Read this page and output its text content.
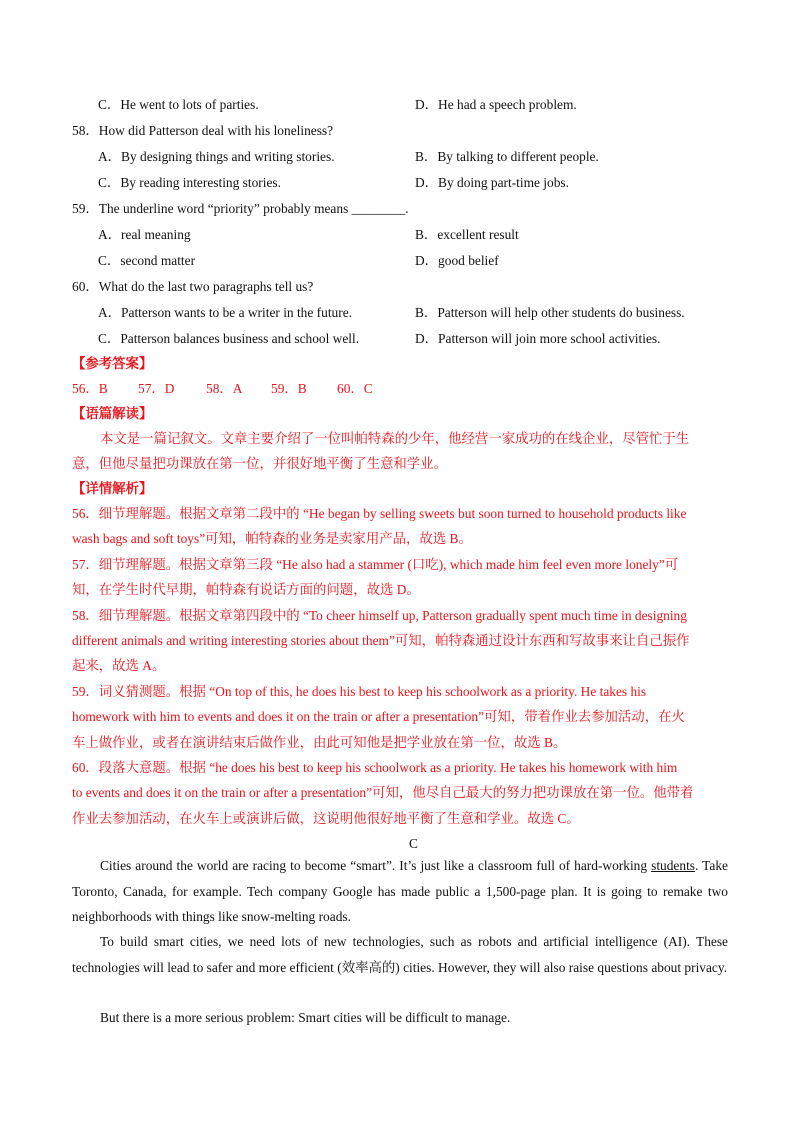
C．He went to lots of parties.	D．He had a speech problem.
58．How did Patterson deal with his loneliness?
A．By designing things and writing stories.	B．By talking to different people.
C．By reading interesting stories.	D．By doing part-time jobs.
59．The underline word “priority” probably means ________.
A．real meaning	B．excellent result
C．second matter	D．good belief
60．What do the last two paragraphs tell us?
A．Patterson wants to be a writer in the future.	B．Patterson will help other students do business.
C．Patterson balances business and school well.	D．Patterson will join more school activities.
【参考答案】
56．B 57．D 58．A 59．B 60．C
【语篇解读】
本文是一篇记叙文。文章主要介绍了一位叫帕特森的少年，他经营一家成功的在线企业，尽管忙于生
意，但他尽量把功课放在第一位，并很好地平衡了生意和学业。
【详情解析】
56．细节理解题。根据文章第二段中的 “He began by selling sweets but soon turned to household products like
wash bags and soft toys”可知，帕特森的业务是卖家用产品，故选 B。
57．细节理解题。根据文章第三段 “He also had a stammer (口吃), which made him feel even more lonely”可
知，在学生时代早期，帕特森有说话方面的问题，故选 D。
58．细节理解题。根据文章第四段中的 “To cheer himself up, Patterson gradually spent much time in designing
different animals and writing interesting stories about them”可知，帕特森通过设计东西和写故事来让自己振作
起来，故选 A。
59．词义猜测题。根据 “On top of this, he does his best to keep his schoolwork as a priority. He takes his
homework with him to events and does it on the train or after a presentation”可知，带着作业去参加活动，在火
车上做作业，或者在演讲结束后做作业，由此可知他是把学业放在第一位，故选 B。
60．段落大意题。根据 “he does his best to keep his schoolwork as a priority. He takes his homework with him
to events and does it on the train or after a presentation”可知，他尽自己最大的努力把功课放在第一位。他带着
作业去参加活动，在火车上或演讲后做，这说明他很好地平衡了生意和学业。故选 C。
C
Cities around the world are racing to become “smart”. It’s just like a classroom full of hard-working students. Take Toronto, Canada, for example. Tech company Google has made public a 1,500-page plan. It is going to remake two neighborhoods with things like snow-melting roads.
To build smart cities, we need lots of new technologies, such as robots and artificial intelligence (AI). These technologies will lead to safer and more efficient (效率高的) cities. However, they will also raise questions about privacy.
But there is a more serious problem: Smart cities will be difficult to manage.
